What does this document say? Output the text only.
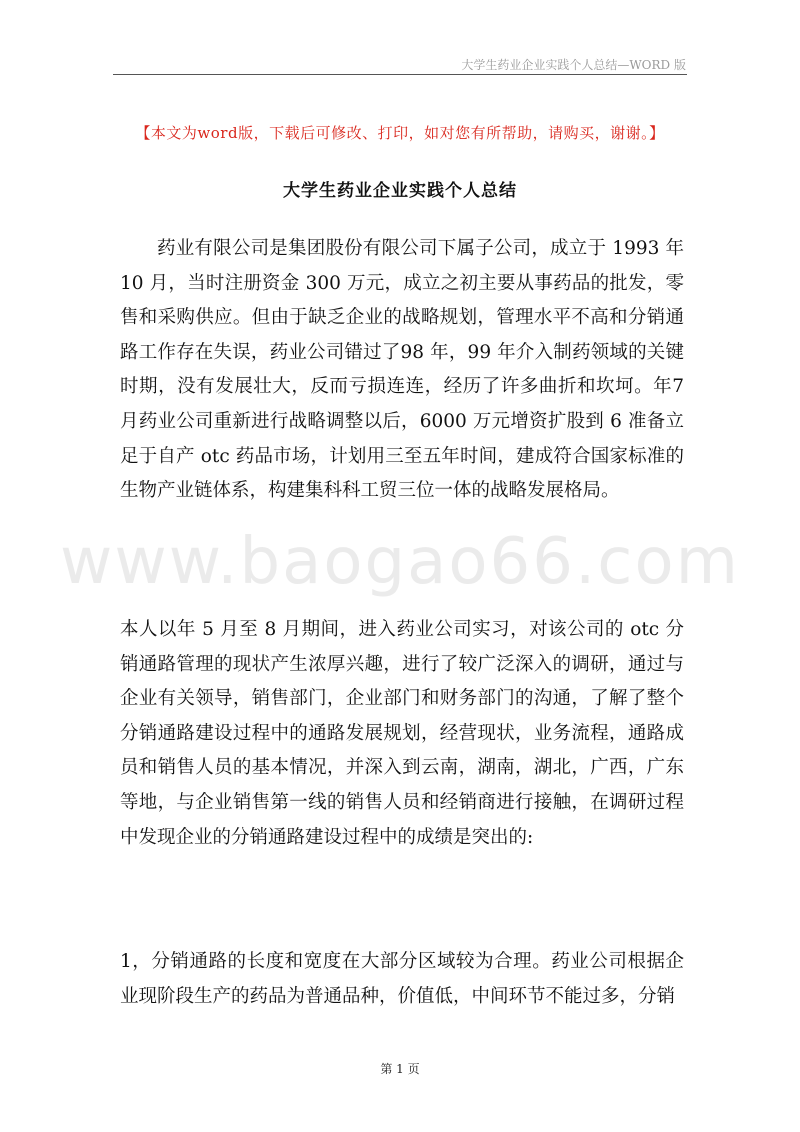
大学生药业企业实践个人总结—WORD 版
【本文为word版，下载后可修改、打印，如对您有所帮助，请购买，谢谢。】
大学生药业企业实践个人总结
www.baogao66.com
药业有限公司是集团股份有限公司下属子公司，成立于 1993 年 10 月，当时注册资金 300 万元，成立之初主要从事药品的批发，零售和采购供应。但由于缺乏企业的战略规划，管理水平不高和分销通路工作存在失误，药业公司错过了98 年，99 年介入制药领域的关键时期，没有发展壮大，反而亏损连连，经历了许多曲折和坎坷。年7月药业公司重新进行战略调整以后，6000 万元增资扩股到 6 准备立足于自产 otc 药品市场，计划用三至五年时间，建成符合国家标准的生物产业链体系，构建集科科工贸三位一体的战略发展格局。
本人以年 5 月至 8 月期间，进入药业公司实习，对该公司的 otc 分销通路管理的现状产生浓厚兴趣，进行了较广泛深入的调研，通过与企业有关领导，销售部门，企业部门和财务部门的沟通，了解了整个分销通路建设过程中的通路发展规划，经营现状，业务流程，通路成员和销售人员的基本情况，并深入到云南，湖南，湖北，广西，广东等地，与企业销售第一线的销售人员和经销商进行接触，在调研过程中发现企业的分销通路建设过程中的成绩是突出的:
1，分销通路的长度和宽度在大部分区域较为合理。药业公司根据企业现阶段生产的药品为普通品种，价值低，中间环节不能过多，分销
第 1 页
